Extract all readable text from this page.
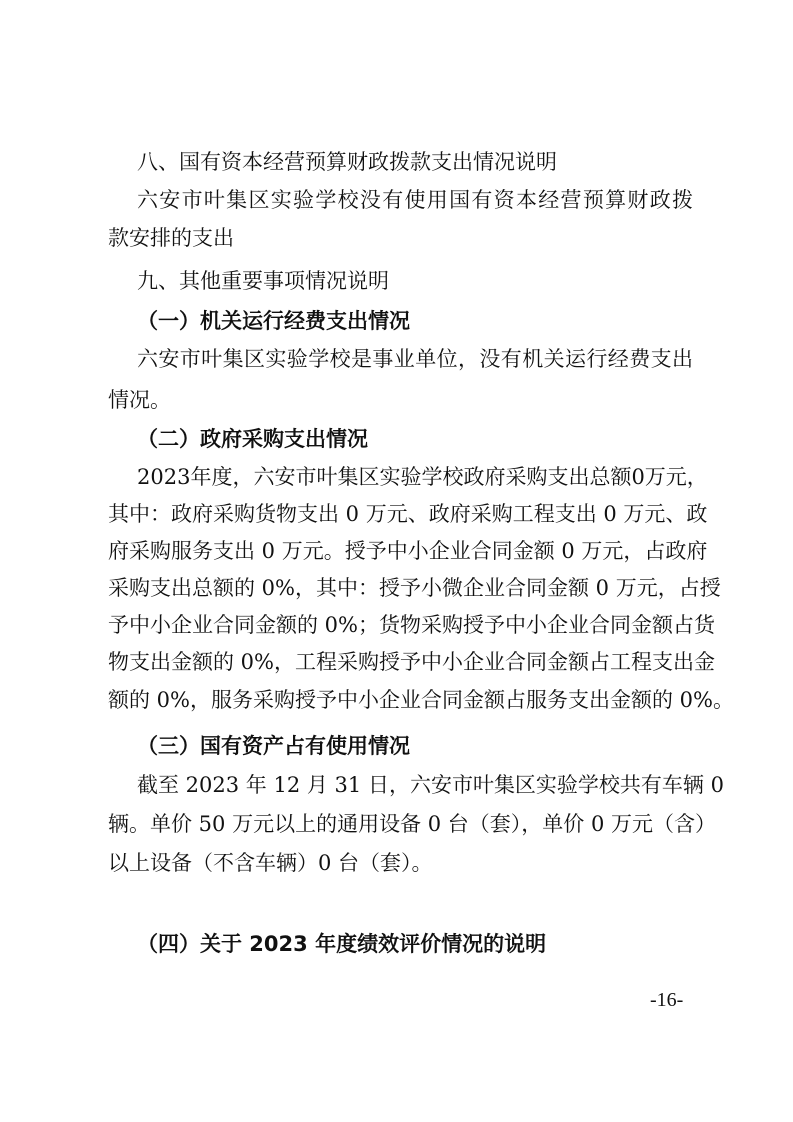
八、国有资本经营预算财政拨款支出情况说明
六安市叶集区实验学校没有使用国有资本经营预算财政拨
款安排的支出
九、其他重要事项情况说明
（一）机关运行经费支出情况
六安市叶集区实验学校是事业单位，没有机关运行经费支出
情况。
（二）政府采购支出情况
2023年度，六安市叶集区实验学校政府采购支出总额0万元，
其中：政府采购货物支出 0 万元、政府采购工程支出 0 万元、政
府采购服务支出 0 万元。授予中小企业合同金额 0 万元，占政府
采购支出总额的 0%，其中：授予小微企业合同金额 0 万元，占授
予中小企业合同金额的 0%；货物采购授予中小企业合同金额占货
物支出金额的 0%，工程采购授予中小企业合同金额占工程支出金
额的 0%，服务采购授予中小企业合同金额占服务支出金额的 0%。
（三）国有资产占有使用情况
截至 2023 年 12 月 31 日，六安市叶集区实验学校共有车辆 0
辆。单价 50 万元以上的通用设备 0 台（套），单价 0 万元（含）
以上设备（不含车辆）0 台（套）。
（四）关于 2023 年度绩效评价情况的说明
-16-
